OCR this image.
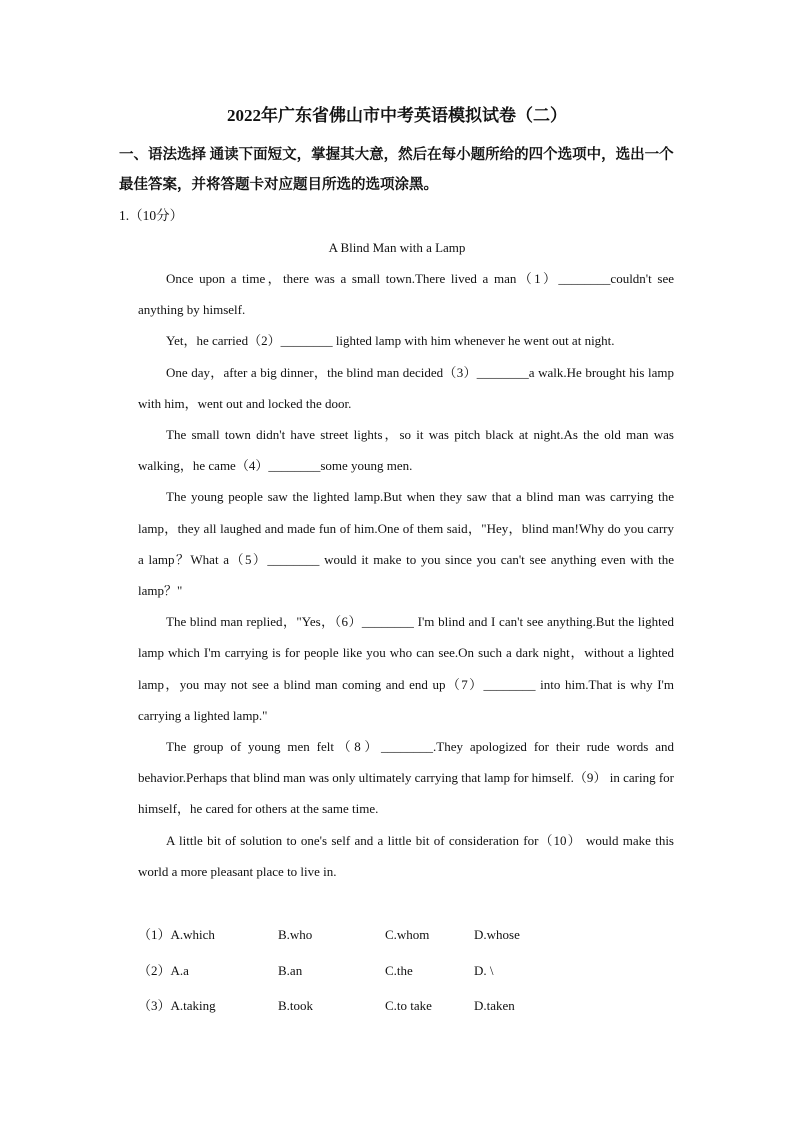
2022年广东省佛山市中考英语模拟试卷（二）
一、语法选择 通读下面短文，掌握其大意，然后在每小题所给的四个选项中，选出一个最佳答案，并将答题卡对应题目所选的选项涂黑。
1.（10分）
A Blind Man with a Lamp

Once upon a time，there was a small town.There lived a man（1）________couldn't see anything by himself.

Yet，he carried（2）________ lighted lamp with him whenever he went out at night.

One day，after a big dinner，the blind man decided（3）________a walk.He brought his lamp with him，went out and locked the door.

The small town didn't have street lights，so it was pitch black at night.As the old man was walking，he came（4）________some young men.

The young people saw the lighted lamp.But when they saw that a blind man was carrying the lamp，they all laughed and made fun of him.One of them said，"Hey，blind man!Why do you carry a lamp？What a（5）________ would it make to you since you can't see anything even with the lamp？"

The blind man replied，"Yes，（6）________ I'm blind and I can't see anything.But the lighted lamp which I'm carrying is for people like you who can see.On such a dark night，without a lighted lamp，you may not see a blind man coming and end up（7）________ into him.That is why I'm carrying a lighted lamp."

The group of young men felt（8）________.They apologized for their rude words and behavior.Perhaps that blind man was only ultimately carrying that lamp for himself.（9） in caring for himself，he cared for others at the same time.

A little bit of solution to one's self and a little bit of consideration for（10） would make this world a more pleasant place to live in.

（1）A.which	B.who	C.whom	D.whose
（2）A.a	B.an	C.the	D. \
（3）A.taking	B.took	C.to take	D.taken
